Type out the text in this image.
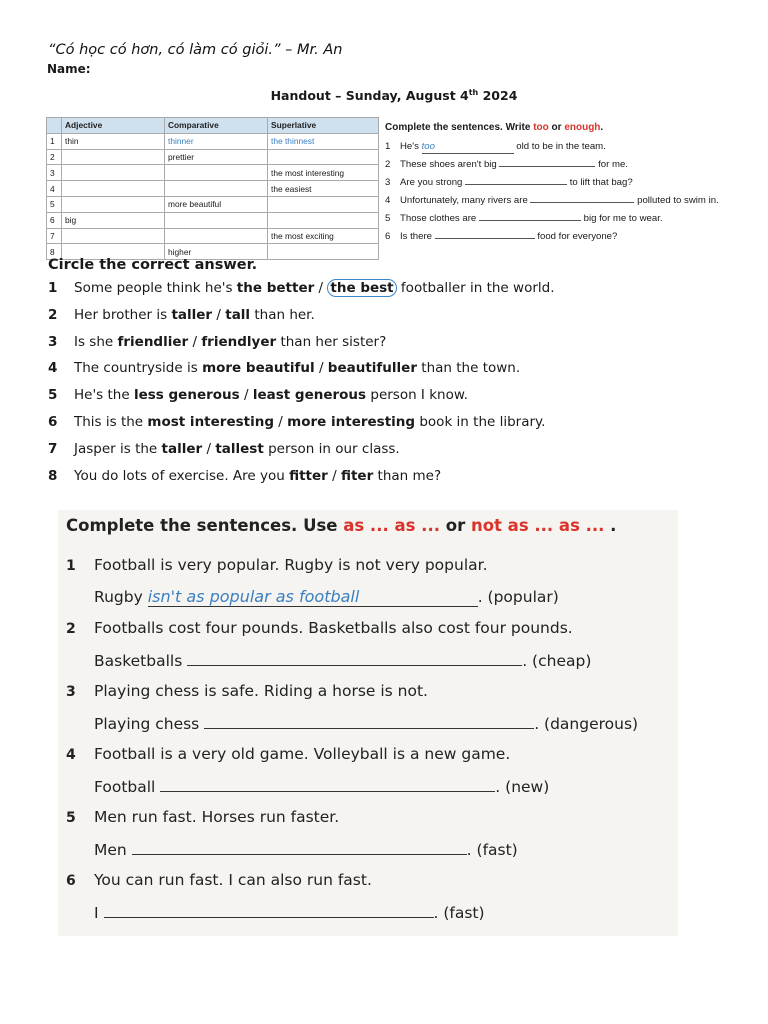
“Có học có hơn, có làm có giỏi.” – Mr. An
Name:
Handout – Sunday, August 4th 2024
	Adjective	Comparative	Superlative
1	thin	thinner	the thinnest
2		prettier	
3			the most interesting
4			the easiest
5		more beautiful	
6	big		
7			the most exciting
8		higher	
Complete the sentences. Write too or enough.
1 He's too	old to be in the team.
2 These shoes aren't big	for me.
3 Are you strong	to lift that bag?
4 Unfortunately, many rivers are	polluted to swim in.
5 Those clothes are	big for me to wear.
6 Is there	food for everyone?
Circle the correct answer.
1 Some people think he's the better / the best footballer in the world.
2 Her brother is taller / tall than her.
3 Is she friendlier / friendlyer than her sister?
4 The countryside is more beautiful / beautifuller than the town.
5 He's the less generous / least generous person I know.
6 This is the most interesting / more interesting book in the library.
7 Jasper is the taller / tallest person in our class.
8 You do lots of exercise. Are you fitter / fiter than me?
Complete the sentences. Use as ... as ... or not as ... as ... .
1 Football is very popular. Rugby is not very popular.
Rugby isn't as popular as football	. (popular)
2 Footballs cost four pounds. Basketballs also cost four pounds.
Basketballs	. (cheap)
3 Playing chess is safe. Riding a horse is not.
Playing chess	. (dangerous)
4 Football is a very old game. Volleyball is a new game.
Football	. (new)
5 Men run fast. Horses run faster.
Men	. (fast)
6 You can run fast. I can also run fast.
I	. (fast)
